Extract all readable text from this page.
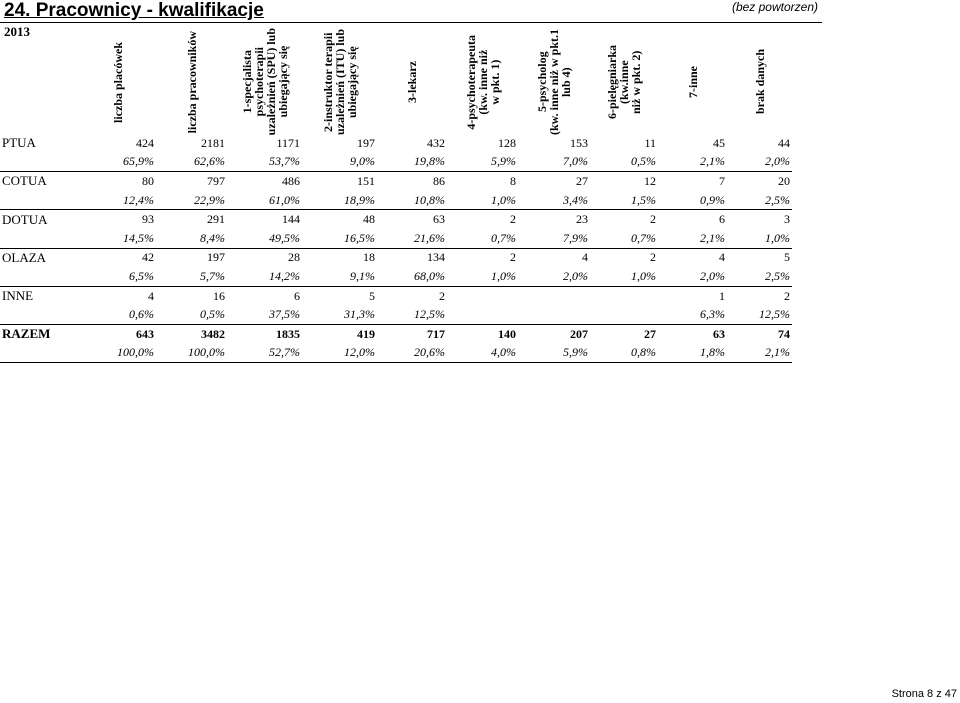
24. Pracownicy - kwalifikacje	(bez powtorzen)
2013
liczba placówek	liczba pracowników	1-specjalista
psychoterapii
uzależnień (SPU) lub
ubiegający się
2-instruktor terapii
uzależnień (ITU) lub
ubiegający się
3-lekarz	4-psychoterapeuta
(kw. inne niż
w pkt. 1)	5-psycholog
(kw. inne niż w pkt.1
lub 4)	6-pielęgniarka
(kw.inne
niż w pkt. 2)
7-inne	brak danych
PTUA	424	2181	1171	197	432	128	153	11	45	44
	65,9%	62,6%	53,7%	9,0%	19,8%	5,9%	7,0%	0,5%	2,1%	2,0%
COTUA	80	797	486	151	86	8	27	12	7	20
	12,4%	22,9%	61,0%	18,9%	10,8%	1,0%	3,4%	1,5%	0,9%	2,5%
DOTUA	93	291	144	48	63	2	23	2	6	3
	14,5%	8,4%	49,5%	16,5%	21,6%	0,7%	7,9%	0,7%	2,1%	1,0%
OLAZA	42	197	28	18	134	2	4	2	4	5
	6,5%	5,7%	14,2%	9,1%	68,0%	1,0%	2,0%	1,0%	2,0%	2,5%
INNE	4	16	6	5	2				1	2
	0,6%	0,5%	37,5%	31,3%	12,5%				6,3%	12,5%
RAZEM	643	3482	1835	419	717	140	207	27	63	74
	100,0%	100,0%	52,7%	12,0%	20,6%	4,0%	5,9%	0,8%	1,8%	2,1%
Strona 8 z 47
